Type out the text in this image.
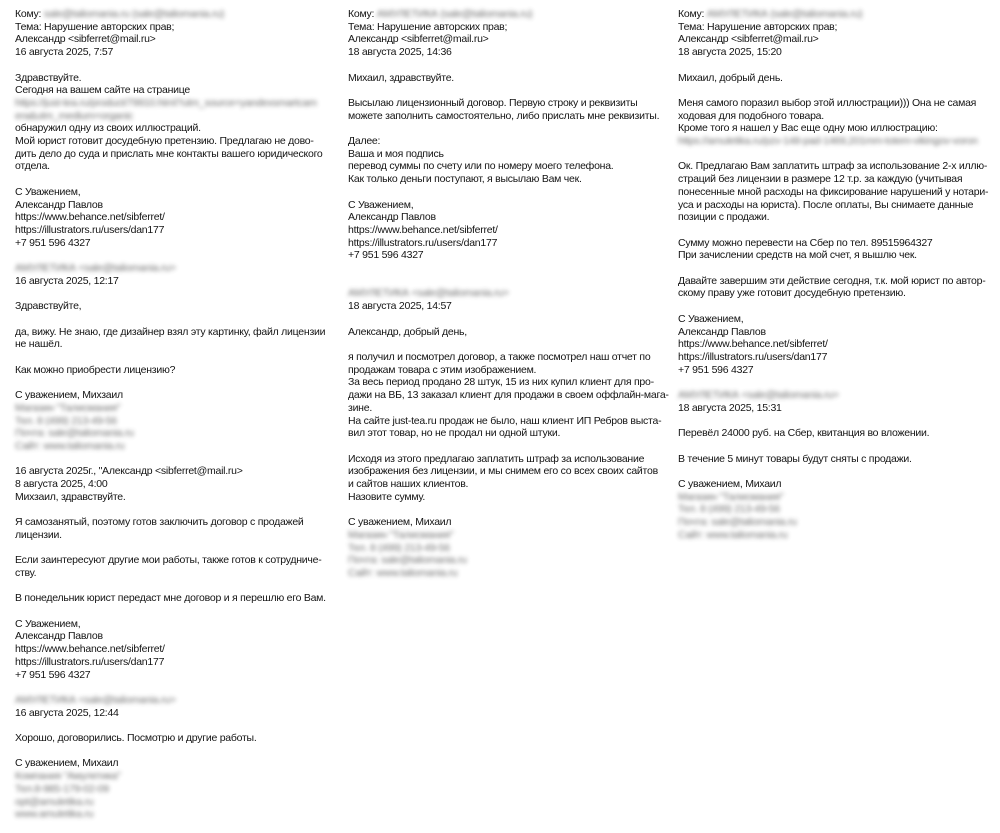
Кому: sale@taliomania.ru (sale@taliomania.ru)
Тема: Нарушение авторских прав;
Александр <sibferret@mail.ru>
16 августа 2025, 7:57

Здравствуйте.
Сегодня на вашем сайте на странице
https://just-tea.ru/product/79910.html?utm_source=yandexsmartcam
era&utm_medium=organic
обнаружил одну из своих иллюстраций.
Мой юрист готовит досудебную претензию. Предлагаю не дово-
дить дело до суда и прислать мне контакты вашего юридического
отдела.

С Уважением,
Александр Павлов
https://www.behance.net/sibferret/
https://illustrators.ru/users/dan177
+7 951 596 4327

АМУЛЕТИКА <sale@taliomania.ru>
16 августа 2025, 12:17

Здравствуйте,

да, вижу. Не знаю, где дизайнер взял эту картинку, файл лицензии
не нашёл.

Как можно приобрести лицензию?

С уважением, Михзаил
Магазин "Талисмания"
Тел. 8 (499) 213-49-56
Почта: sale@taliomania.ru
Сайт: www.taliomania.ru

16 августа 2025г., "Александр <sibferret@mail.ru>
8 августа 2025, 4:00
Михзаил, здравствуйте.

Я самозанятый, поэтому готов заключить договор с продажей
лицензии.

Если заинтересуют другие мои работы, также готов к сотрудниче-
ству.

В понедельник юрист передаст мне договор и я перешлю его Вам.

С Уважением,
Александр Павлов
https://www.behance.net/sibferret/
https://illustrators.ru/users/dan177
+7 951 596 4327

АМУЛЕТИКА <sale@taliomania.ru>
16 августа 2025, 12:44

Хорошо, договорились. Посмотрю и другие работы.

С уважением, Михаил
Компания "Амулетика"
Тел.8-985-179-02-09
opt@amuletika.ru
www.amuletika.ru
Кому: АМУЛЕТИКА (sale@taliomania.ru)
Тема: Нарушение авторских прав;
Александр <sibferret@mail.ru>
18 августа 2025, 14:36

Михаил, здравствуйте.

Высылаю лицензионный договор. Первую строку и реквизиты
можете заполнить самостоятельно, либо прислать мне реквизиты.

Далее:
Ваша и моя подпись
перевод суммы по счету или по номеру моего телефона.
Как только деньги поступают, я высылаю Вам чек.

С Уважением,
Александр Павлов
https://www.behance.net/sibferret/
https://illustrators.ru/users/dan177
+7 951 596 4327

АМУЛЕТИКА <sale@taliomania.ru>
18 августа 2025, 14:57

Александр, добрый день,

я получил и посмотрел договор, а также посмотрел наш отчет по
продажам товара с этим изображением.
За весь период продано 28 штук, 15 из них купил клиент для про-
дажи на ВБ, 13 заказал клиент для продажи в своем оффлайн-мага-
зине.
На сайте just-tea.ru продаж не было, наш клиент ИП Ребров выста-
вил этот товар, но не продал ни одной штуки.

Исходя из этого предлагаю заплатить штраф за использование
изображения без лицензии, и мы снимем его со всех своих сайтов
и сайтов наших клиентов.
Назовите сумму.

С уважением, Михаил
Магазин "Талисмания"
Тел. 8 (499) 213-49-56
Почта: sale@taliomania.ru
Сайт: www.taliomania.ru
Кому: АМУЛЕТИКА (sale@taliomania.ru)
Тема: Нарушение авторских прав;
Александр <sibferret@mail.ru>
18 августа 2025, 15:20

Михаил, добрый день.

Меня самого поразил выбор этой иллюстрации))) Она не самая
ходовая для подобного товара.
Кроме того я нашел у Вас еще одну мою иллюстрацию:
https://amuletika.ru/pzv-148-pad-1469,201mm-totem-vikingov-voron

Ок. Предлагаю Вам заплатить штраф за использование 2-х иллю-
страций без лицензии в размере 12 т.р. за каждую (учитывая
понесенные мной расходы на фиксирование нарушений у нотари-
уса и расходы на юриста). После оплаты, Вы снимаете данные
позиции с продажи.

Сумму можно перевести на Сбер по тел. 89515964327
При зачислении средств на мой счет, я вышлю чек.

Давайте завершим эти действие сегодня, т.к. мой юрист по автор-
скому праву уже готовит досудебную претензию.

С Уважением,
Александр Павлов
https://www.behance.net/sibferret/
https://illustrators.ru/users/dan177
+7 951 596 4327

АМУЛЕТИКА <sale@taliomania.ru>
18 августа 2025, 15:31

Перевёл 24000 руб. на Сбер, квитанция во вложении.

В течение 5 минут товары будут сняты с продажи.

С уважением, Михаил
Магазин "Талисмания"
Тел. 8 (499) 213-49-56
Почта: sale@taliomania.ru
Сайт: www.taliomania.ru
